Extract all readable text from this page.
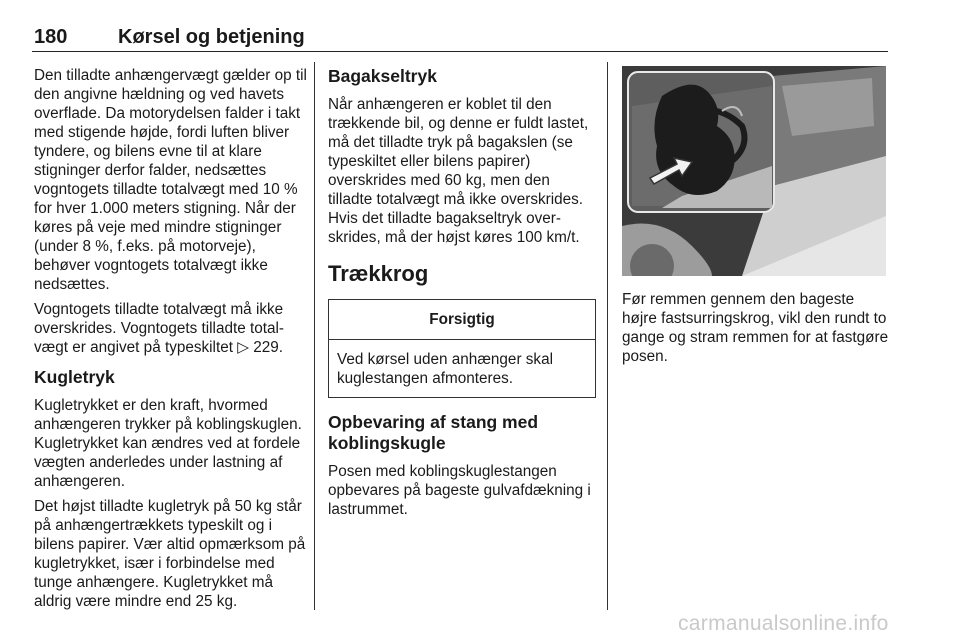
180	Kørsel og betjening

Den tilladte anhængervægt gælder op til den angivne hældning og ved havets overflade. Da motorydelsen falder i takt med stigende højde, fordi luften bliver tyndere, og bilens evne til at klare stigninger derfor falder, nedsættes vogntogets tilladte totalvægt med 10 % for hver 1.000 meters stigning. Når der køres på veje med mindre stigninger (under 8 %, f.eks. på motorveje), behøver vogntogets totalvægt ikke nedsættes.

Vogntogets tilladte totalvægt må ikke overskrides. Vogntogets tilladte totalvægt er angivet på typeskiltet ▷ 229.

Kugletryk

Kugletrykket er den kraft, hvormed anhængeren trykker på koblingskuglen. Kugletrykket kan ændres ved at fordele vægten anderledes under lastning af anhængeren.

Det højst tilladte kugletryk på 50 kg står på anhængertrækkets typeskilt og i bilens papirer. Vær altid opmærksom på kugletrykket, især i forbindelse med tunge anhængere. Kugletrykket må aldrig være mindre end 25 kg.

Bagakseltryk

Når anhængeren er koblet til den trækkende bil, og denne er fuldt lastet, må det tilladte tryk på bagakslen (se typeskiltet eller bilens papirer) overskrides med 60 kg, men den tilladte totalvægt må ikke overskrides. Hvis det tilladte bagakseltryk overskrides, må der højst køres 100 km/t.

Trækkrog
Forsigtig
Ved kørsel uden anhænger skal kuglestangen afmonteres.
Opbevaring af stang med koblingskugle

Posen med koblingskuglestangen opbevares på bageste gulvafdækning i lastrummet.

Før remmen gennem den bageste højre fastsurringskrog, vikl den rundt to gange og stram remmen for at fastgøre posen.

carmanualsonline.info
